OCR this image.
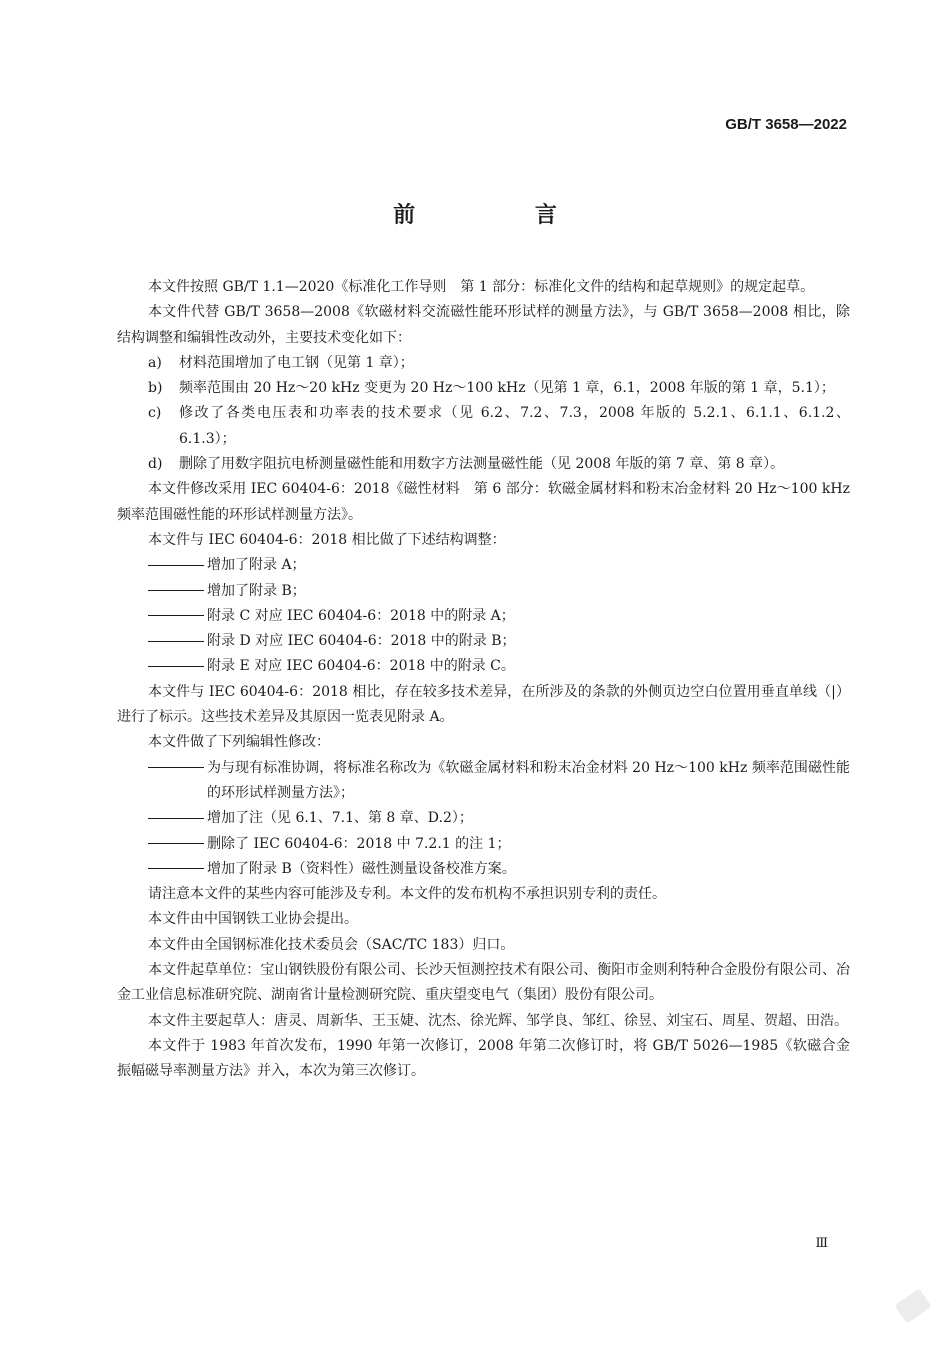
GB/T 3658—2022
前 言
本文件按照 GB/T 1.1—2020《标准化工作导则　第 1 部分：标准化文件的结构和起草规则》的规定起草。
本文件代替 GB/T 3658—2008《软磁材料交流磁性能环形试样的测量方法》，与 GB/T 3658—2008 相比，除结构调整和编辑性改动外，主要技术变化如下：
a)	材料范围增加了电工钢（见第 1 章）；
b)	频率范围由 20 Hz～20 kHz 变更为 20 Hz～100 kHz（见第 1 章，6.1，2008 年版的第 1 章，5.1）；
c)	修改了各类电压表和功率表的技术要求（见 6.2、7.2、7.3，2008 年版的 5.2.1、6.1.1、6.1.2、6.1.3）；
d)	删除了用数字阻抗电桥测量磁性能和用数字方法测量磁性能（见 2008 年版的第 7 章、第 8 章）。
本文件修改采用 IEC 60404-6：2018《磁性材料　第 6 部分：软磁金属材料和粉末冶金材料 20 Hz～100 kHz 频率范围磁性能的环形试样测量方法》。
本文件与 IEC 60404-6：2018 相比做了下述结构调整：
增加了附录 A；
增加了附录 B；
附录 C 对应 IEC 60404-6：2018 中的附录 A；
附录 D 对应 IEC 60404-6：2018 中的附录 B；
附录 E 对应 IEC 60404-6：2018 中的附录 C。
本文件与 IEC 60404-6：2018 相比，存在较多技术差异，在所涉及的条款的外侧页边空白位置用垂直单线（|）进行了标示。这些技术差异及其原因一览表见附录 A。
本文件做了下列编辑性修改：
为与现有标准协调，将标准名称改为《软磁金属材料和粉末冶金材料 20 Hz～100 kHz 频率范围磁性能的环形试样测量方法》；
增加了注（见 6.1、7.1、第 8 章、D.2）；
删除了 IEC 60404-6：2018 中 7.2.1 的注 1；
增加了附录 B（资料性）磁性测量设备校准方案。
请注意本文件的某些内容可能涉及专利。本文件的发布机构不承担识别专利的责任。
本文件由中国钢铁工业协会提出。
本文件由全国钢标准化技术委员会（SAC/TC 183）归口。
本文件起草单位：宝山钢铁股份有限公司、长沙天恒测控技术有限公司、衡阳市金则利特种合金股份有限公司、冶金工业信息标准研究院、湖南省计量检测研究院、重庆望变电气（集团）股份有限公司。
本文件主要起草人：唐灵、周新华、王玉婕、沈杰、徐光辉、邹学良、邹红、徐昱、刘宝石、周星、贺超、田浩。
本文件于 1983 年首次发布，1990 年第一次修订，2008 年第二次修订时，将 GB/T 5026—1985《软磁合金振幅磁导率测量方法》并入，本次为第三次修订。
Ⅲ
